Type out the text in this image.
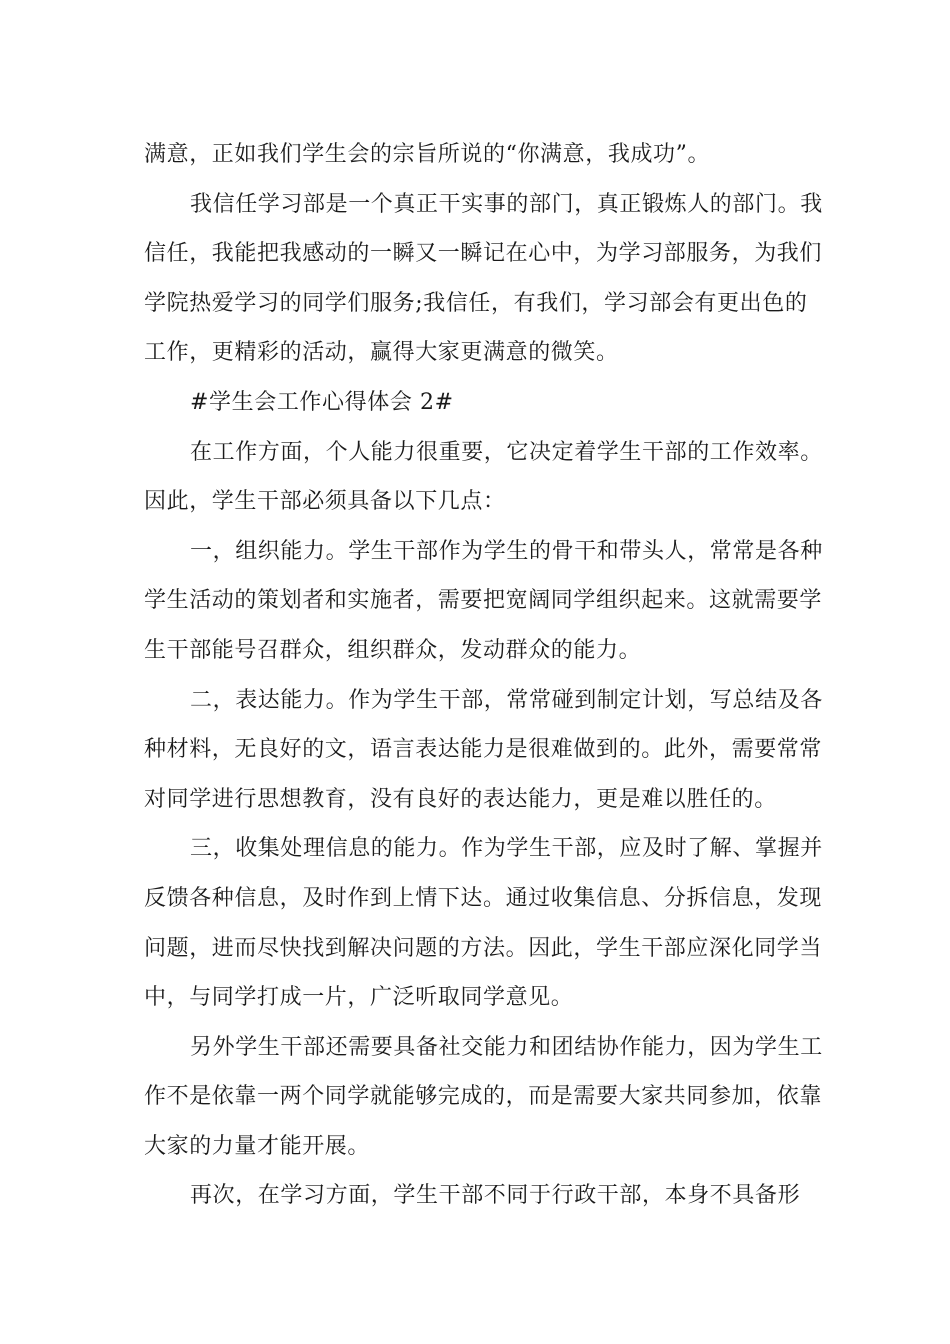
满意，正如我们学生会的宗旨所说的“你满意，我成功”。

我信任学习部是一个真正干实事的部门，真正锻炼人的部门。我信任，我能把我感动的一瞬又一瞬记在心中，为学习部服务，为我们学院热爱学习的同学们服务;我信任，有我们，学习部会有更出色的工作，更精彩的活动，赢得大家更满意的微笑。

#学生会工作心得体会 2#

在工作方面，个人能力很重要，它决定着学生干部的工作效率。因此，学生干部必须具备以下几点：

一，组织能力。学生干部作为学生的骨干和带头人，常常是各种学生活动的策划者和实施者，需要把宽阔同学组织起来。这就需要学生干部能号召群众，组织群众，发动群众的能力。

二，表达能力。作为学生干部，常常碰到制定计划，写总结及各种材料，无良好的文，语言表达能力是很难做到的。此外，需要常常对同学进行思想教育，没有良好的表达能力，更是难以胜任的。

三，收集处理信息的能力。作为学生干部，应及时了解、掌握并反馈各种信息，及时作到上情下达。通过收集信息、分拆信息，发现问题，进而尽快找到解决问题的方法。因此，学生干部应深化同学当中，与同学打成一片，广泛听取同学意见。

另外学生干部还需要具备社交能力和团结协作能力，因为学生工作不是依靠一两个同学就能够完成的，而是需要大家共同参加，依靠大家的力量才能开展。

再次，在学习方面，学生干部不同于行政干部，本身不具备形
